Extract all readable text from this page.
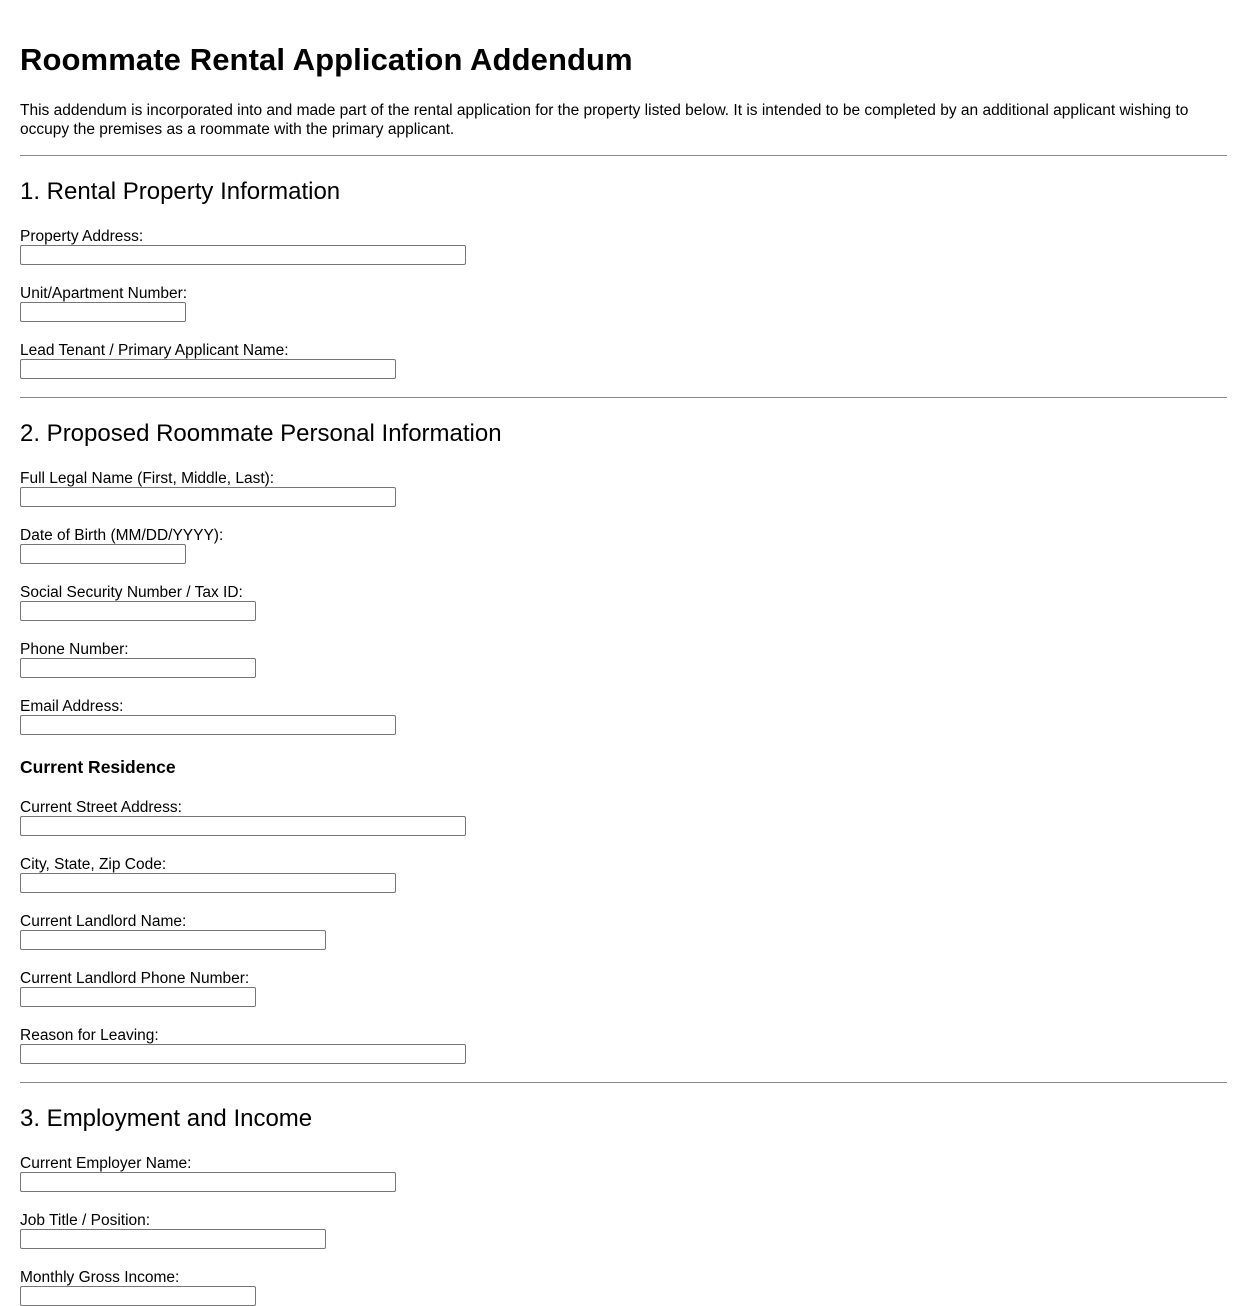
Roommate Rental Application Addendum

This addendum is incorporated into and made part of the rental application for the property listed below. It is intended to be completed by an additional applicant wishing to occupy the premises as a roommate with the primary applicant.

1. Rental Property Information
Property Address:
Unit/Apartment Number:
Lead Tenant / Primary Applicant Name:
2. Proposed Roommate Personal Information
Full Legal Name (First, Middle, Last):
Date of Birth (MM/DD/YYYY):
Social Security Number / Tax ID:
Phone Number:
Email Address:
Current Residence
Current Street Address:
City, State, Zip Code:
Current Landlord Name:
Current Landlord Phone Number:
Reason for Leaving:
3. Employment and Income
Current Employer Name:
Job Title / Position:
Monthly Gross Income:
